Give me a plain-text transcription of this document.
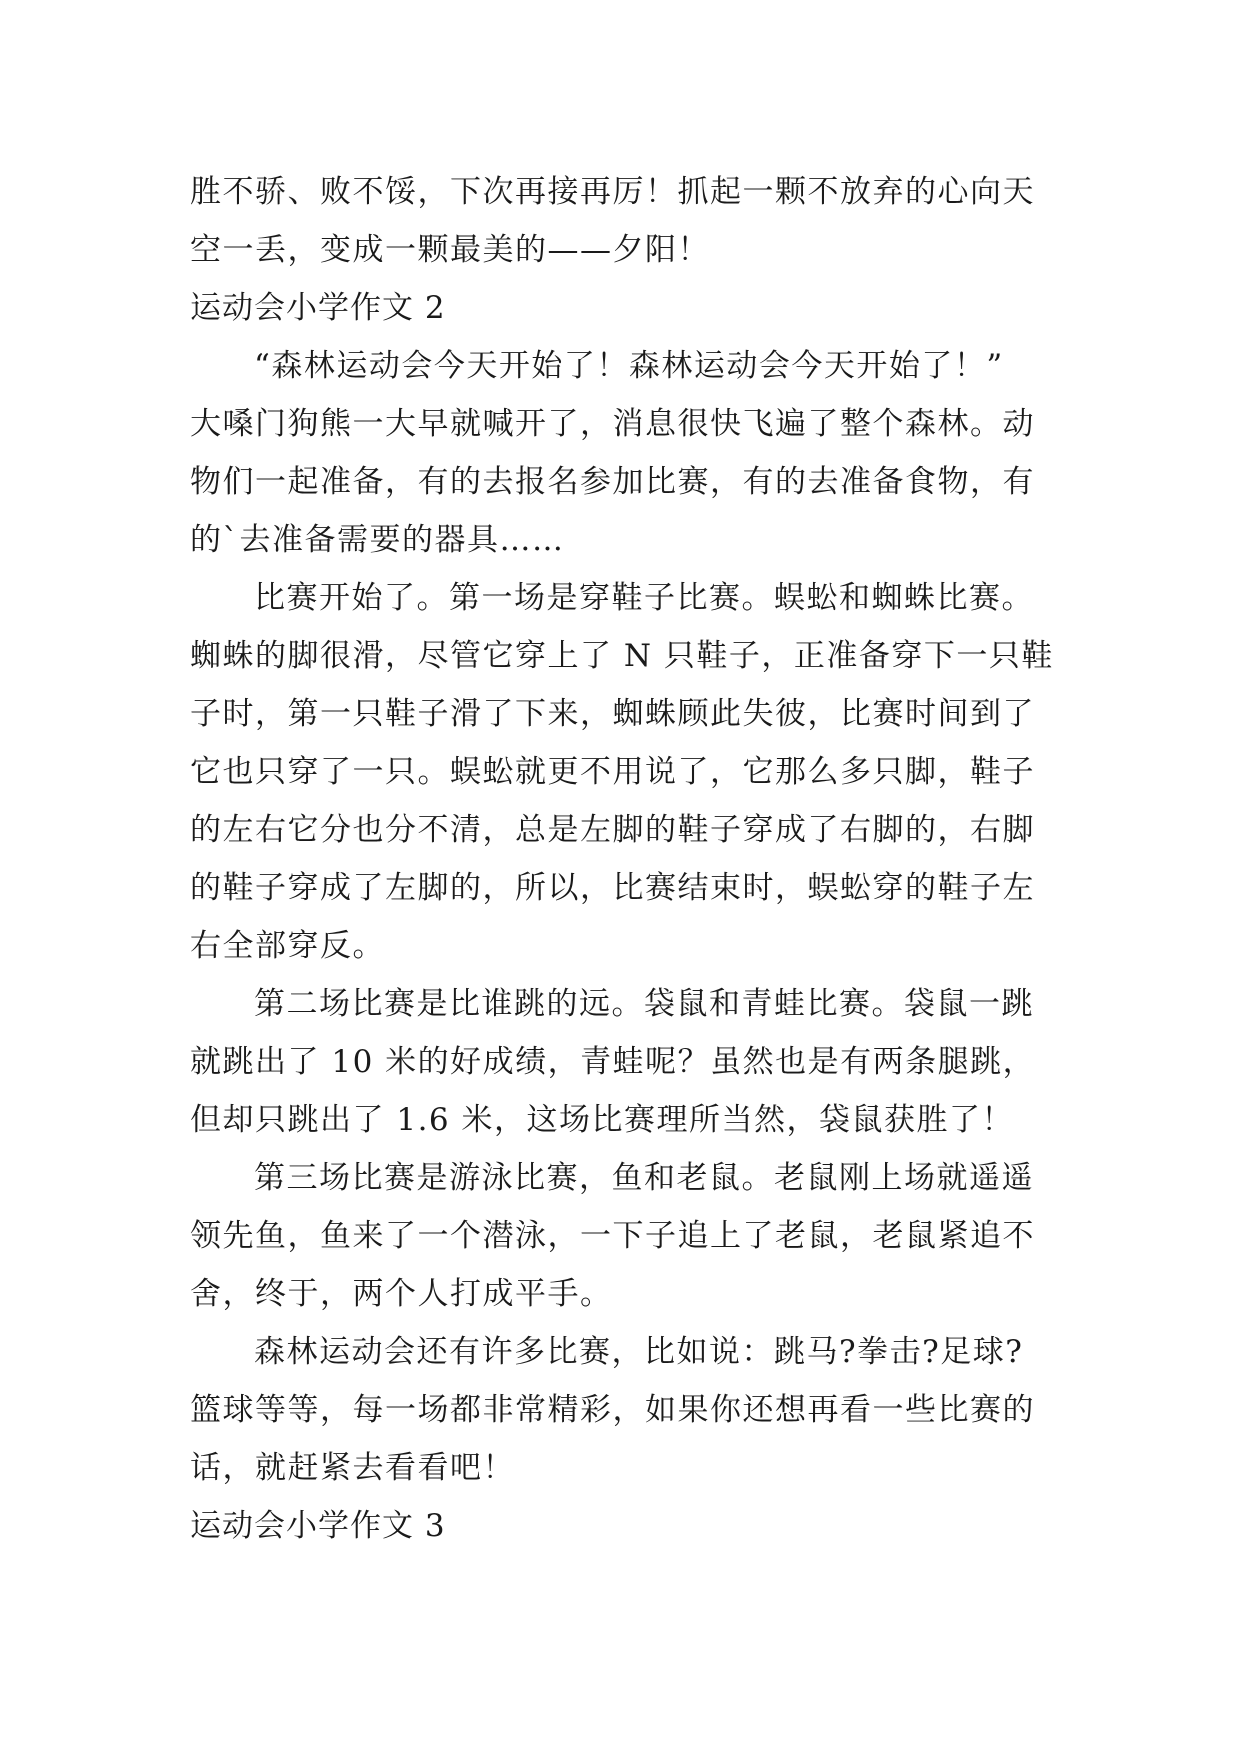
胜不骄、败不馁，下次再接再厉！抓起一颗不放弃的心向天
空一丢，变成一颗最美的——夕阳！
运动会小学作文 2
“森林运动会今天开始了！森林运动会今天开始了！”
大嗓门狗熊一大早就喊开了，消息很快飞遍了整个森林。动
物们一起准备，有的去报名参加比赛，有的去准备食物，有
的`去准备需要的器具……
比赛开始了。第一场是穿鞋子比赛。蜈蚣和蜘蛛比赛。
蜘蛛的脚很滑，尽管它穿上了 N 只鞋子，正准备穿下一只鞋
子时，第一只鞋子滑了下来，蜘蛛顾此失彼，比赛时间到了
它也只穿了一只。蜈蚣就更不用说了，它那么多只脚，鞋子
的左右它分也分不清，总是左脚的鞋子穿成了右脚的，右脚
的鞋子穿成了左脚的，所以，比赛结束时，蜈蚣穿的鞋子左
右全部穿反。
第二场比赛是比谁跳的远。袋鼠和青蛙比赛。袋鼠一跳
就跳出了 10 米的好成绩，青蛙呢？虽然也是有两条腿跳，
但却只跳出了 1.6 米，这场比赛理所当然，袋鼠获胜了！
第三场比赛是游泳比赛，鱼和老鼠。老鼠刚上场就遥遥
领先鱼，鱼来了一个潜泳，一下子追上了老鼠，老鼠紧追不
舍，终于，两个人打成平手。
森林运动会还有许多比赛，比如说：跳马?拳击?足球?
篮球等等，每一场都非常精彩，如果你还想再看一些比赛的
话，就赶紧去看看吧！
运动会小学作文 3
